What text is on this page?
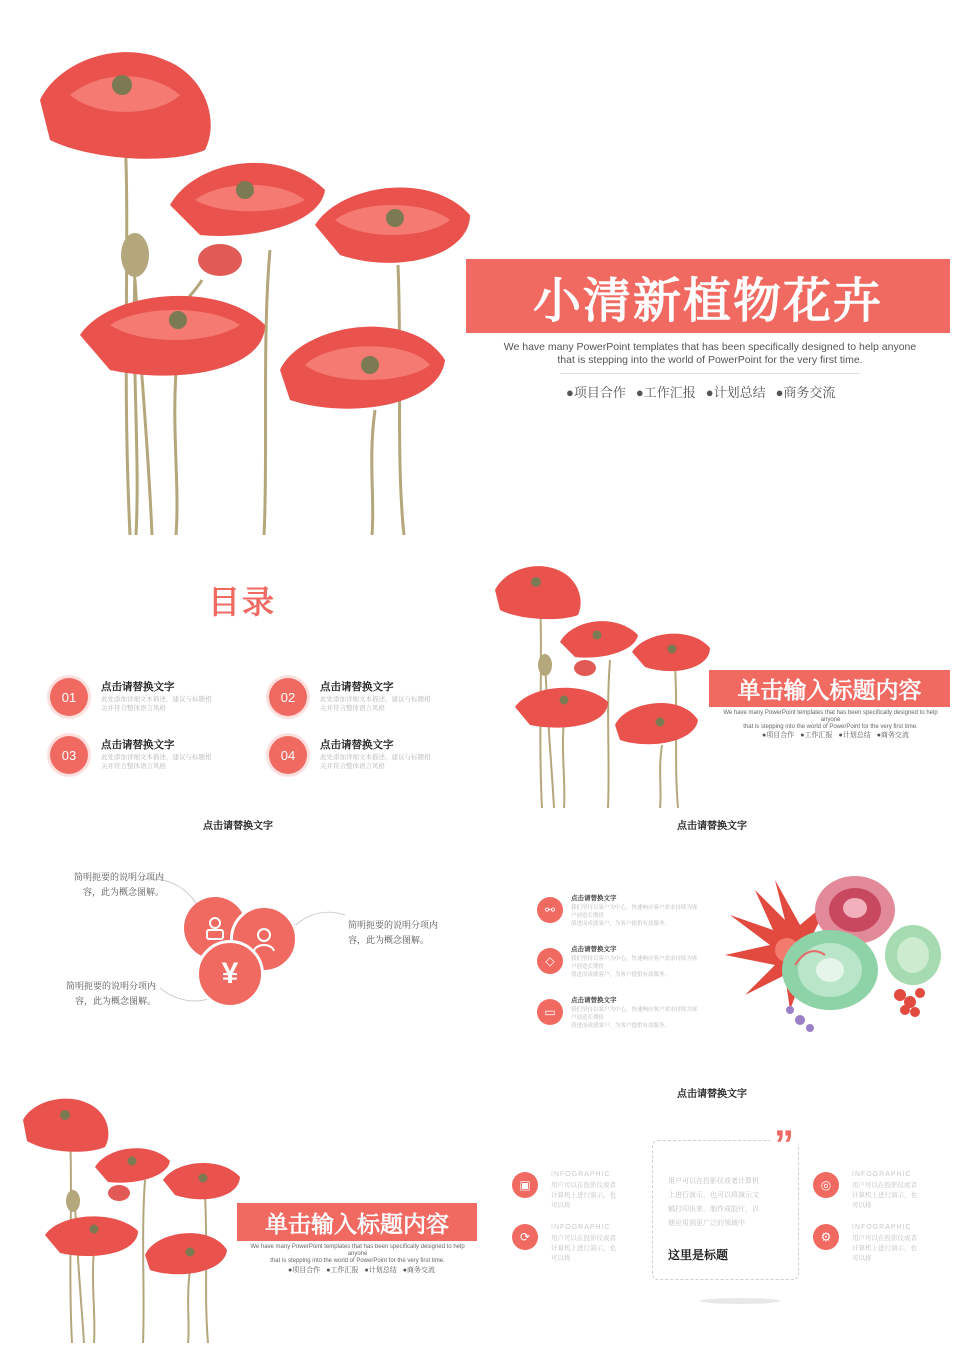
小清新植物花卉
We have many PowerPoint templates that has been specifically designed to help anyone
that is stepping into the world of PowerPoint for the very first time.
●项目合作 ●工作汇报 ●计划总结 ●商务交流
目录
01
点击请替换文字
此处添加详细文本描述，建议与标题相
关并符合整体语言风格
02
点击请替换文字
此处添加详细文本描述，建议与标题相
关并符合整体语言风格
03
点击请替换文字
此处添加详细文本描述，建议与标题相
关并符合整体语言风格
04
点击请替换文字
此处添加详细文本描述，建议与标题相
关并符合整体语言风格
点击请替换文字
单击输入标题内容
We have many PowerPoint templates that has been specifically designed to help anyone
that is stepping into the world of PowerPoint for the very first time.
●项目合作 ●工作汇报 ●计划总结 ●商务交流
点击请替换文字
简明扼要的说明分项内
容，此为概念图解。
简明扼要的说明分项内
容，此为概念图解。
简明扼要的说明分项内
容，此为概念图解。
¥
⚯
点击请替换文字
我们坚持以客户为中心，快速响应客户需求持续为客户创造长期价
值进而成就客户，为客户提供有效服务。
◇
点击请替换文字
我们坚持以客户为中心，快速响应客户需求持续为客户创造长期价
值进而成就客户，为客户提供有效服务。
▭
点击请替换文字
我们坚持以客户为中心，快速响应客户需求持续为客户创造长期价
值进而成就客户，为客户提供有效服务。
点击请替换文字
单击输入标题内容
We have many PowerPoint templates that has been specifically designed to help anyone
that is stepping into the world of PowerPoint for the very first time.
●项目合作 ●工作汇报 ●计划总结 ●商务交流
▣
INFOGRAPHIC
用户可以在投影仪或者
计算机上进行演示，也
可以将
⟳
INFOGRAPHIC
用户可以在投影仪或者
计算机上进行演示，也
可以将
”
用户可以在投影仪或者计算机
上进行演示，也可以将演示文
稿打印出来，制作成胶片，以
便应用到更广泛的领域中
这里是标题
◎
INFOGRAPHIC
用户可以在投影仪或者
计算机上进行演示，也
可以将
⚙
INFOGRAPHIC
用户可以在投影仪或者
计算机上进行演示，也
可以将
